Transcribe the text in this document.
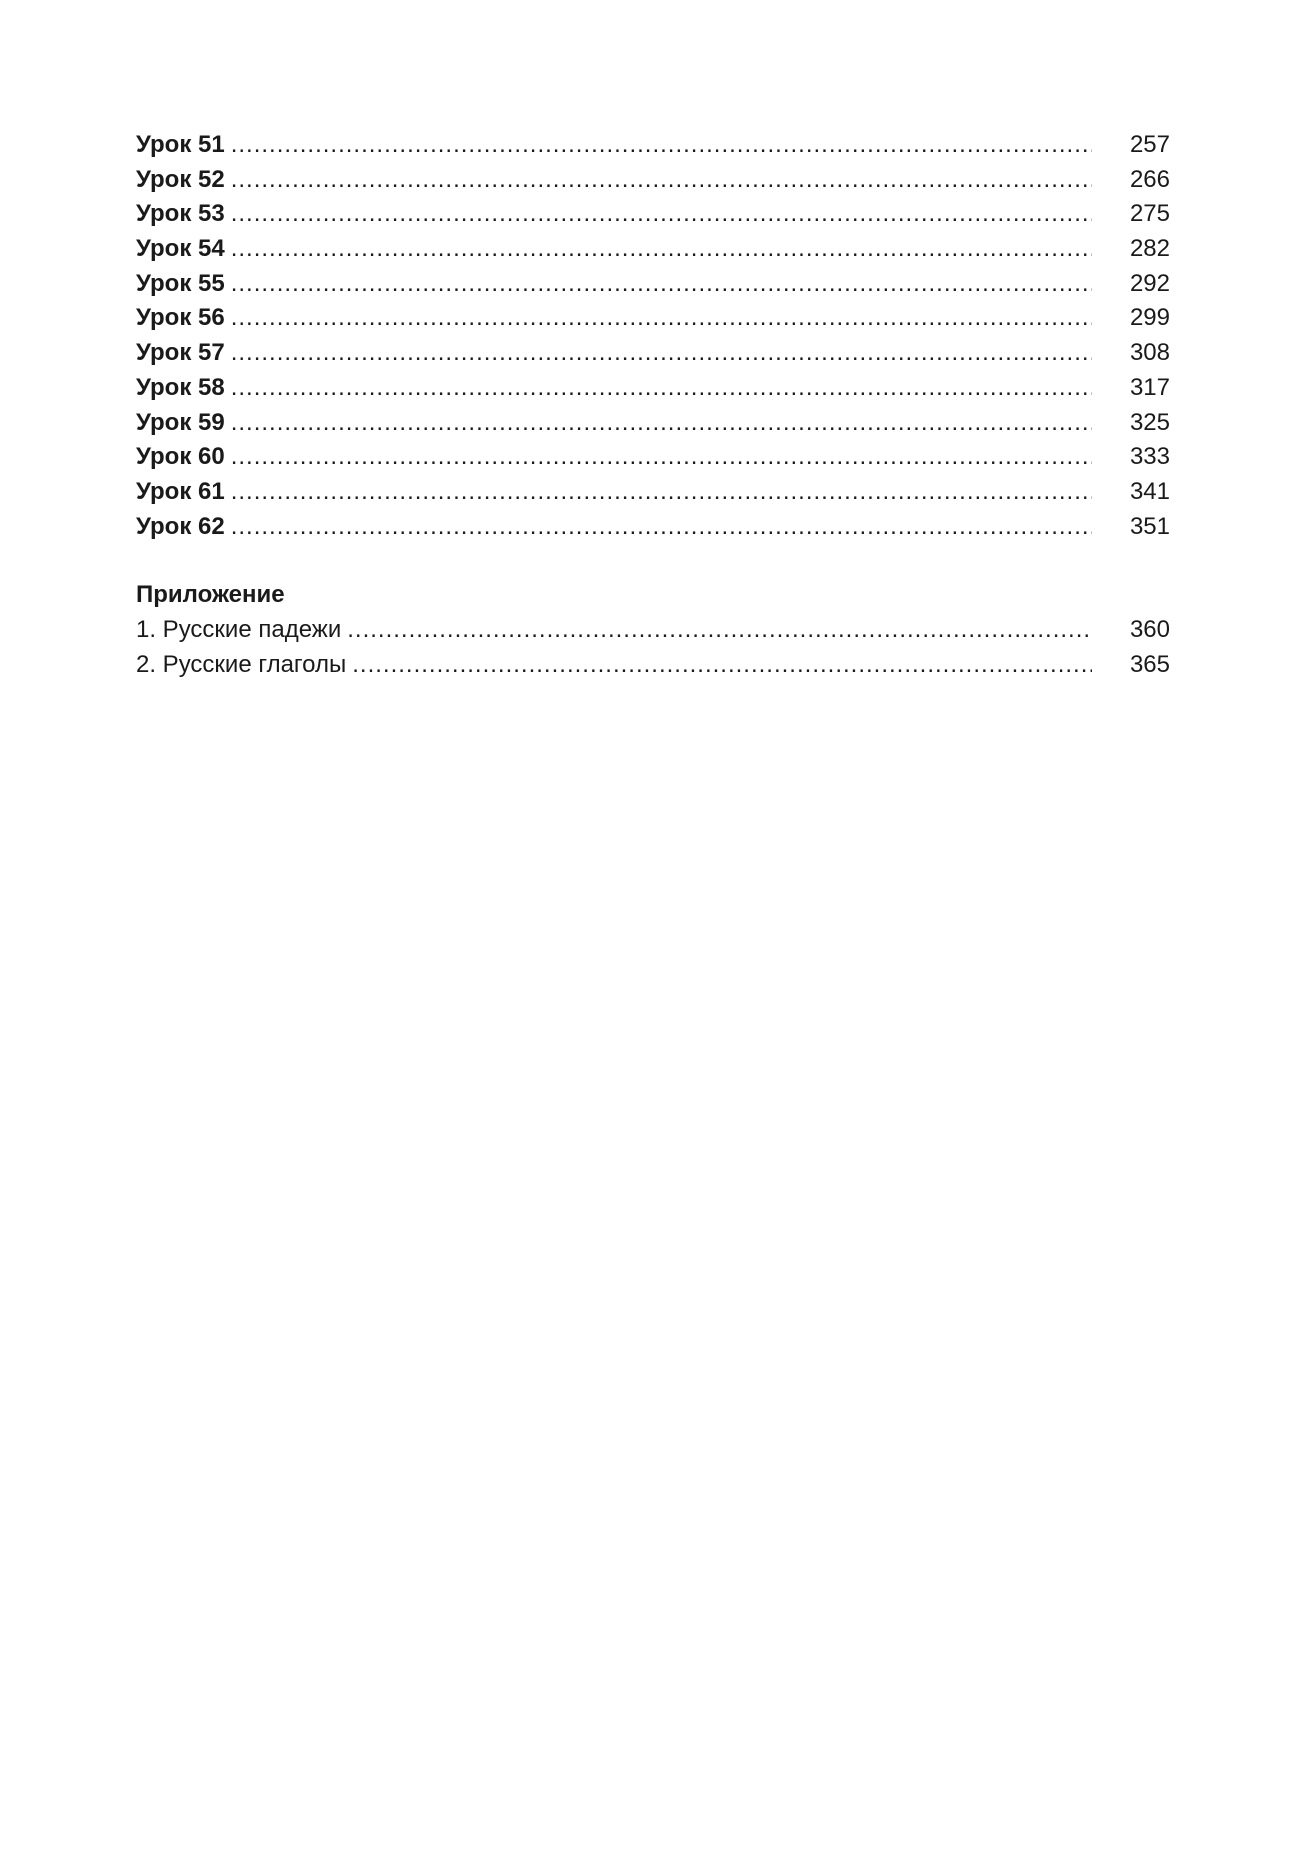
Урок 51 .....	257
Урок 52 .....	266
Урок 53 .....	275
Урок 54 .....	282
Урок 55 .....	292
Урок 56 .....	299
Урок 57 .....	308
Урок 58 .....	317
Урок 59 .....	325
Урок 60 .....	333
Урок 61 .....	341
Урок 62 .....	351
Приложение
1. Русские падежи .....	360
2. Русские глаголы .....	365
